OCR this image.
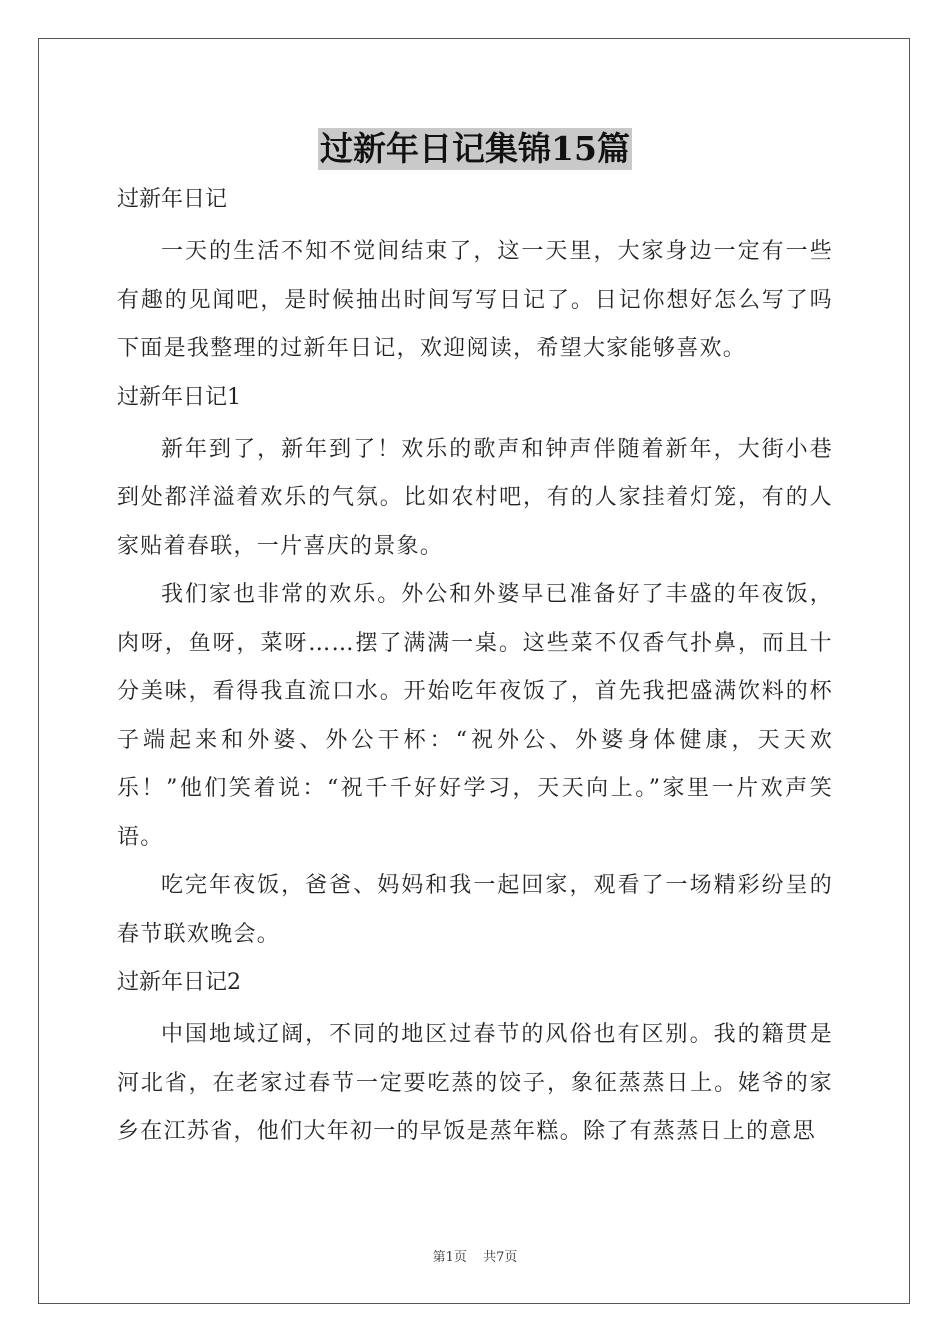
过新年日记集锦15篇
过新年日记

一天的生活不知不觉间结束了，这一天里，大家身边一定有一些有趣的见闻吧，是时候抽出时间写写日记了。日记你想好怎么写了吗下面是我整理的过新年日记，欢迎阅读，希望大家能够喜欢。

过新年日记1

新年到了，新年到了！欢乐的歌声和钟声伴随着新年，大街小巷到处都洋溢着欢乐的气氛。比如农村吧，有的人家挂着灯笼，有的人家贴着春联，一片喜庆的景象。

我们家也非常的欢乐。外公和外婆早已准备好了丰盛的年夜饭，肉呀，鱼呀，菜呀……摆了满满一桌。这些菜不仅香气扑鼻，而且十分美味，看得我直流口水。开始吃年夜饭了，首先我把盛满饮料的杯子端起来和外婆、外公干杯：“祝外公、外婆身体健康，天天欢乐！”他们笑着说：“祝千千好好学习，天天向上。”家里一片欢声笑语。

吃完年夜饭，爸爸、妈妈和我一起回家，观看了一场精彩纷呈的春节联欢晚会。

过新年日记2

中国地域辽阔，不同的地区过春节的风俗也有区别。我的籍贯是河北省，在老家过春节一定要吃蒸的饺子，象征蒸蒸日上。姥爷的家乡在江苏省，他们大年初一的早饭是蒸年糕。除了有蒸蒸日上的意思

第1页 共7页
